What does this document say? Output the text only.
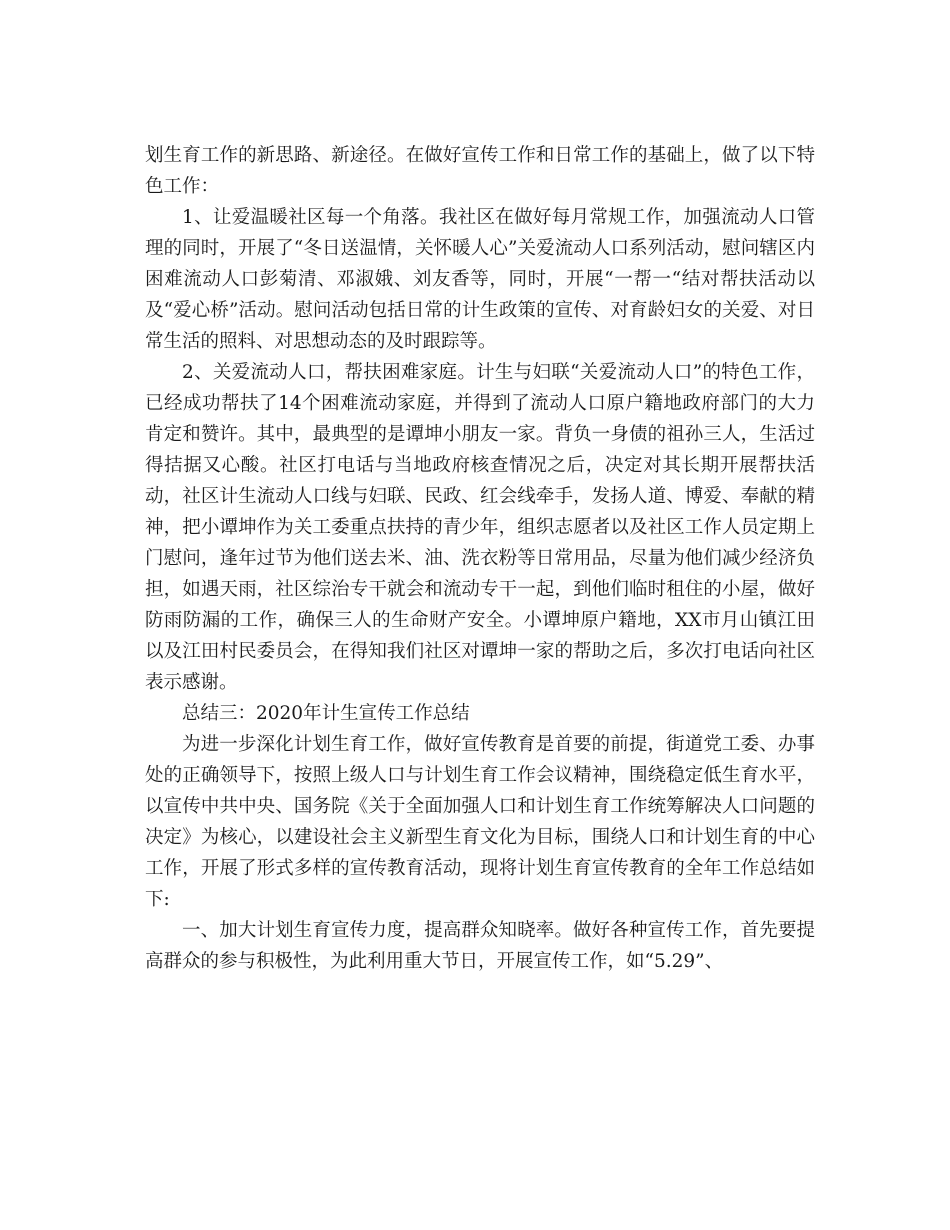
划生育工作的新思路、新途径。在做好宣传工作和日常工作的基础上，做了以下特色工作：

1、让爱温暖社区每一个角落。我社区在做好每月常规工作，加强流动人口管理的同时，开展了“冬日送温情，关怀暖人心”关爱流动人口系列活动，慰问辖区内困难流动人口彭菊清、邓淑娥、刘友香等，同时，开展“一帮一“结对帮扶活动以及“爱心桥”活动。慰问活动包括日常的计生政策的宣传、对育龄妇女的关爱、对日常生活的照料、对思想动态的及时跟踪等。

2、关爱流动人口，帮扶困难家庭。计生与妇联“关爱流动人口”的特色工作，已经成功帮扶了14个困难流动家庭，并得到了流动人口原户籍地政府部门的大力肯定和赞许。其中，最典型的是谭坤小朋友一家。背负一身债的祖孙三人，生活过得拮据又心酸。社区打电话与当地政府核查情况之后，决定对其长期开展帮扶活动，社区计生流动人口线与妇联、民政、红会线牵手，发扬人道、博爱、奉献的精神，把小谭坤作为关工委重点扶持的青少年，组织志愿者以及社区工作人员定期上门慰问，逢年过节为他们送去米、油、洗衣粉等日常用品，尽量为他们减少经济负担，如遇天雨，社区综治专干就会和流动专干一起，到他们临时租住的小屋，做好防雨防漏的工作，确保三人的生命财产安全。小谭坤原户籍地，XX市月山镇江田以及江田村民委员会，在得知我们社区对谭坤一家的帮助之后，多次打电话向社区表示感谢。

总结三：2020年计生宣传工作总结

为进一步深化计划生育工作，做好宣传教育是首要的前提，街道党工委、办事处的正确领导下，按照上级人口与计划生育工作会议精神，围绕稳定低生育水平，以宣传中共中央、国务院《关于全面加强人口和计划生育工作统筹解决人口问题的决定》为核心，以建设社会主义新型生育文化为目标，围绕人口和计划生育的中心工作，开展了形式多样的宣传教育活动，现将计划生育宣传教育的全年工作总结如下:

一、加大计划生育宣传力度，提高群众知晓率。做好各种宣传工作，首先要提高群众的参与积极性，为此利用重大节日，开展宣传工作，如“5.29”、
